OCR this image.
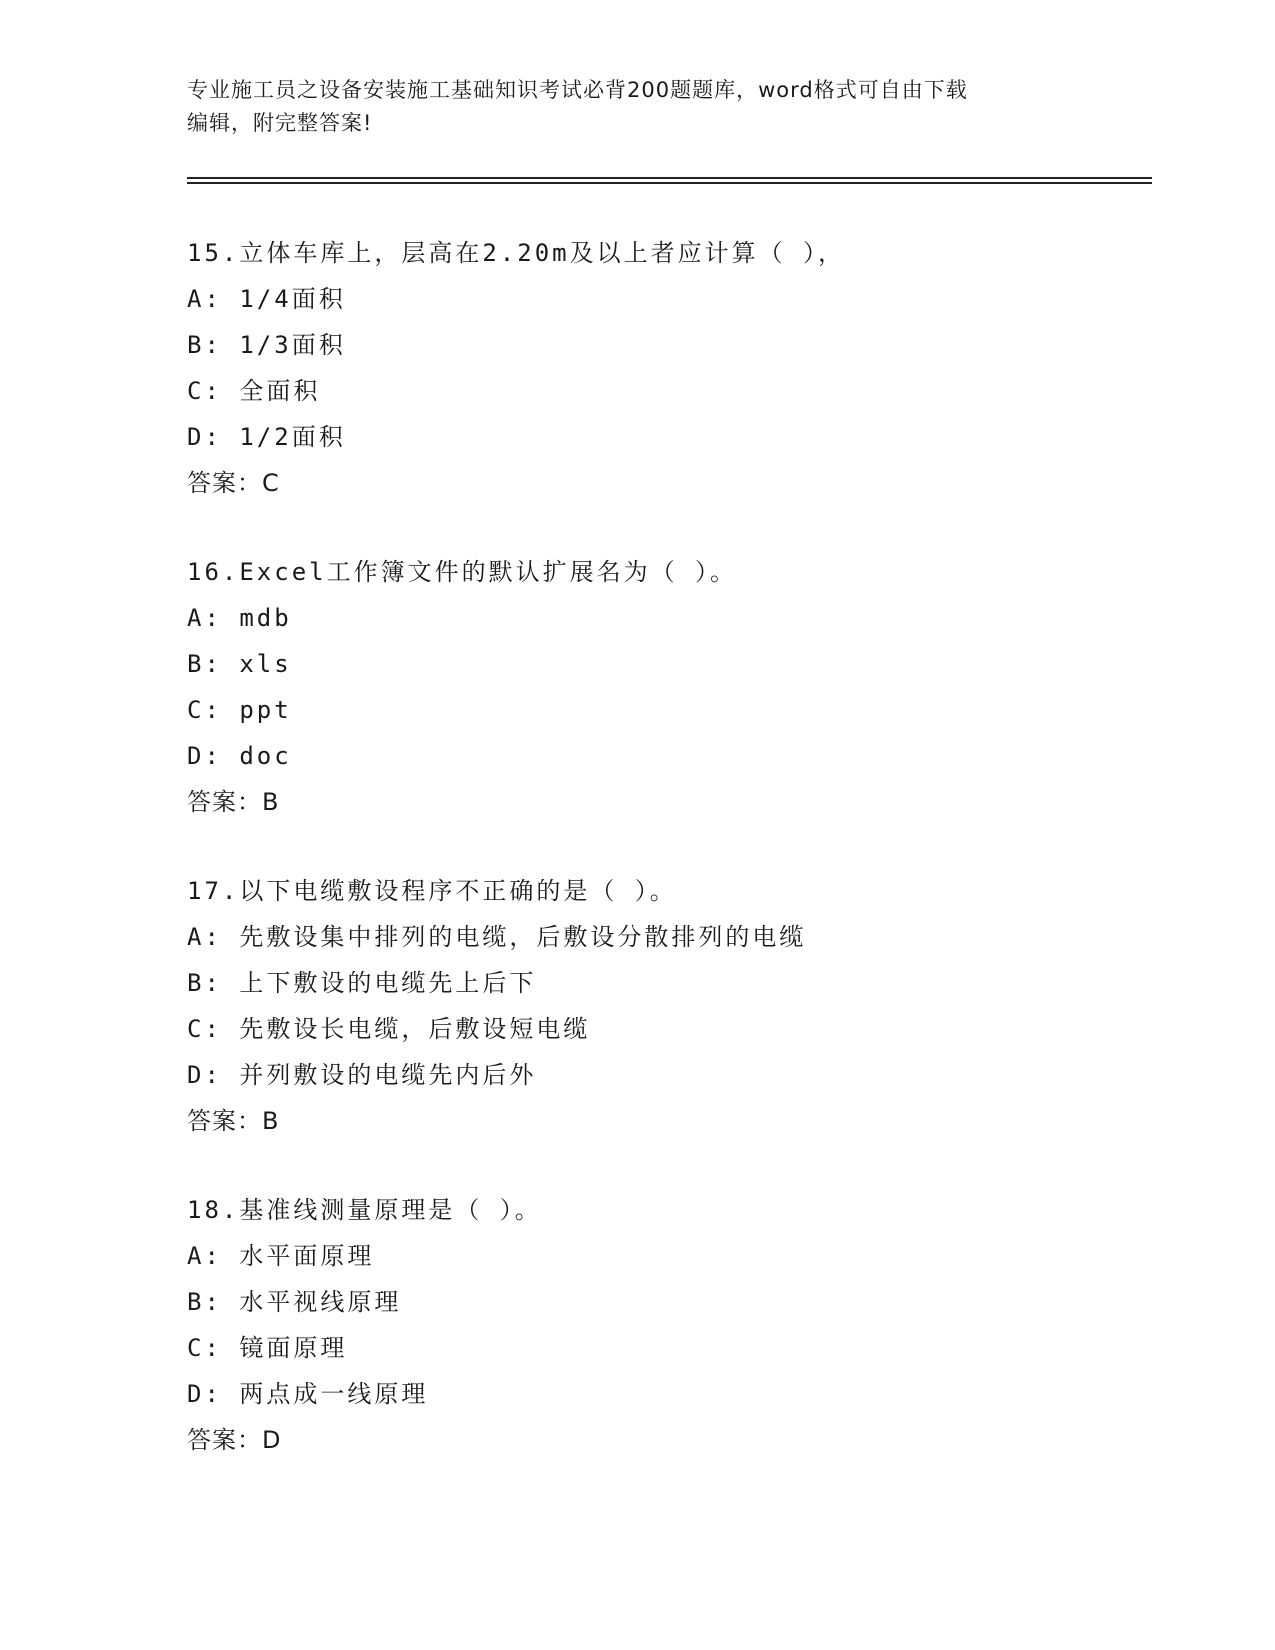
专业施工员之设备安装施工基础知识考试必背200题题库，word格式可自由下载
编辑，附完整答案!
15.立体车库上，层高在2.20m及以上者应计算（ ），
A: 1/4面积
B: 1/3面积
C: 全面积
D: 1/2面积
答案：C
16.Excel工作簿文件的默认扩展名为（ ）。
A: mdb
B: xls
C: ppt
D: doc
答案：B
17.以下电缆敷设程序不正确的是（ ）。
A: 先敷设集中排列的电缆，后敷设分散排列的电缆
B: 上下敷设的电缆先上后下
C: 先敷设长电缆，后敷设短电缆
D: 并列敷设的电缆先内后外
答案：B
18.基准线测量原理是（ ）。
A: 水平面原理
B: 水平视线原理
C: 镜面原理
D: 两点成一线原理
答案：D
